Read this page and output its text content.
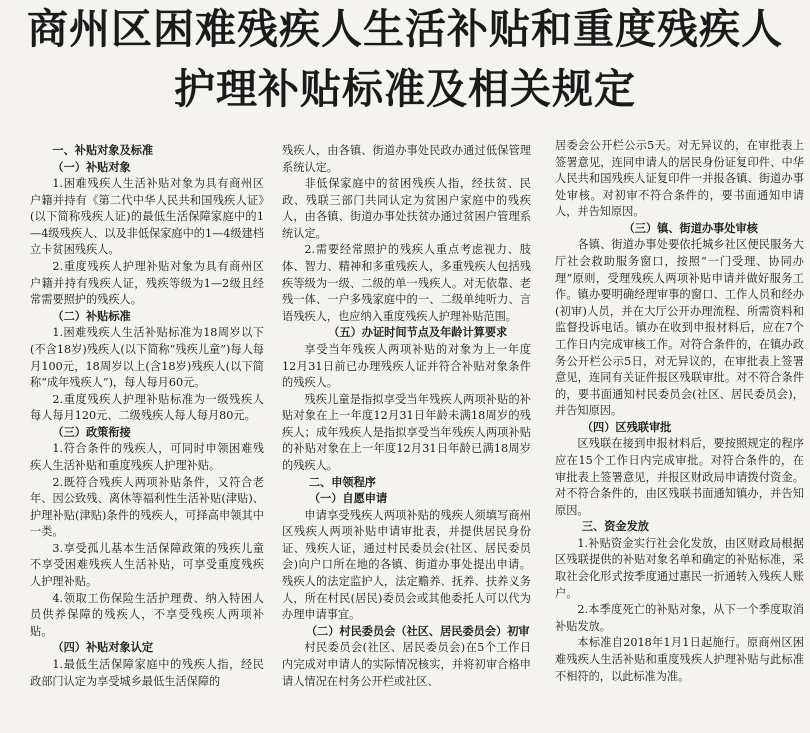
商州区困难残疾人生活补贴和重度残疾人
护理补贴标准及相关规定

一、补贴对象及标准

（一）补贴对象

1.困难残疾人生活补贴对象为具有商州区户籍并持有《第二代中华人民共和国残疾人证》(以下简称残疾人证)的最低生活保障家庭中的1—4级残疾人、以及非低保家庭中的1—4级建档立卡贫困残疾人。

2.重度残疾人护理补贴对象为具有商州区户籍并持有残疾人证，残疾等级为1—2级且经常需要照护的残疾人。

（二）补贴标准

1.困难残疾人生活补贴标准为18周岁以下(不含18岁)残疾人(以下简称“残疾儿童”)每人每月100元，18周岁以上(含18岁)残疾人(以下简称“成年残疾人”)，每人每月60元。

2.重度残疾人护理补贴标准为一级残疾人每人每月120元、二级残疾人每人每月80元。

（三）政策衔接

1.符合条件的残疾人，可同时申领困难残疾人生活补贴和重度残疾人护理补贴。

2.既符合残疾人两项补贴条件，又符合老年、因公致残、离休等福利性生活补贴(津贴)、护理补贴(津贴)条件的残疾人，可择高申领其中一类。

3.享受孤儿基本生活保障政策的残疾儿童不享受困难残疾人生活补贴，可享受重度残疾人护理补贴。

4.领取工伤保险生活护理费、纳入特困人员供养保障的残疾人，不享受残疾人两项补贴。

（四）补贴对象认定

1.最低生活保障家庭中的残疾人指，经民政部门认定为享受城乡最低生活保障的

残疾人，由各镇、街道办事处民政办通过低保管理系统认定。

非低保家庭中的贫困残疾人指，经扶贫、民政、残联三部门共同认定为贫困户家庭中的残疾人，由各镇、街道办事处扶贫办通过贫困户管理系统认定。

2.需要经常照护的残疾人重点考虑视力、肢体、智力、精神和多重残疾人，多重残疾人包括残疾等级为一级、二级的单一残疾人。对无依靠、老残一体、一户多残家庭中的一、二级单纯听力、言语残疾人，也应纳入重度残疾人护理补贴范围。

（五）办证时间节点及年龄计算要求

享受当年残疾人两项补贴的对象为上一年度12月31日前已办理残疾人证并符合补贴对象条件的残疾人。

残疾儿童是指拟享受当年残疾人两项补贴的补贴对象在上一年度12月31日年龄未满18周岁的残疾人；成年残疾人是指拟享受当年残疾人两项补贴的补贴对象在上一年度12月31日年龄已满18周岁的残疾人。

二、申领程序

（一）自愿申请

申请享受残疾人两项补贴的残疾人须填写商州区残疾人两项补贴申请审批表，并提供居民身份证、残疾人证，通过村民委员会(社区、居民委员会)向户口所在地的各镇、街道办事处提出申请。残疾人的法定监护人，法定赡养、抚养、扶养义务人，所在村民(居民)委员会或其他委托人可以代为办理申请事宜。

（二）村民委员会（社区、居民委员会）初审

村民委员会(社区、居民委员会)在5个工作日内完成对申请人的实际情况核实，并将初审合格申请人情况在村务公开栏或社区、

居委会公开栏公示5天。对无异议的，在审批表上签署意见，连同申请人的居民身份证复印件、中华人民共和国残疾人证复印件一并报各镇、街道办事处审核。对初审不符合条件的，要书面通知申请人，并告知原因。

（三）镇、街道办事处审核

各镇、街道办事处要依托城乡社区便民服务大厅社会救助服务窗口，按照“一门受理、协同办理”原则，受理残疾人两项补贴申请并做好服务工作。镇办要明确经理审事的窗口、工作人员和经办(初审)人员，并在大厅公开办理流程、所需资料和监督投诉电话。镇办在收到申报材料后，应在7个工作日内完成审核工作。对符合条件的，在镇办政务公开栏公示5日，对无异议的，在审批表上签署意见，连同有关证件报区残联审批。对不符合条件的，要书面通知村民委员会(社区、居民委员会)，并告知原因。

（四）区残联审批

区残联在接到申报材料后，要按照规定的程序应在15个工作日内完成审批。对符合条件的，在审批表上签署意见，并报区财政局申请拨付资金。对不符合条件的，由区残联书面通知镇办，并告知原因。

三、资金发放

1.补贴资金实行社会化发放，由区财政局根据区残联提供的补贴对象名单和确定的补贴标准，采取社会化形式按季度通过惠民一折通转入残疾人账户。

2.本季度死亡的补贴对象，从下一个季度取消补贴发放。

本标准自2018年1月1日起施行。原商州区困难残疾人生活补贴和重度残疾人护理补贴与此标准不相符的，以此标准为准。
